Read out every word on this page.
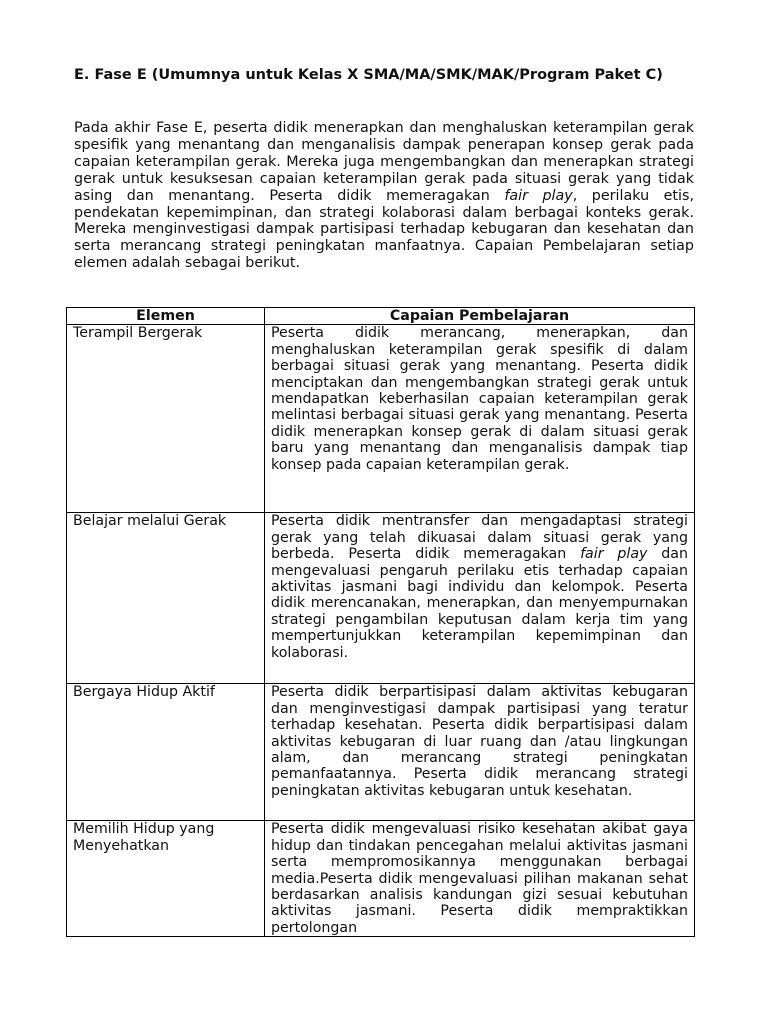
E. Fase E (Umumnya untuk Kelas X SMA/MA/SMK/MAK/Program Paket C)

Pada akhir Fase E, peserta didik menerapkan dan menghaluskan keterampilan gerak spesifik yang menantang dan menganalisis dampak penerapan konsep gerak pada capaian keterampilan gerak. Mereka juga mengembangkan dan menerapkan strategi gerak untuk kesuksesan capaian keterampilan gerak pada situasi gerak yang tidak asing dan menantang. Peserta didik memeragakan fair play, perilaku etis, pendekatan kepemimpinan, dan strategi kolaborasi dalam berbagai konteks gerak. Mereka menginvestigasi dampak partisipasi terhadap kebugaran dan kesehatan dan serta merancang strategi peningkatan manfaatnya. Capaian Pembelajaran setiap elemen adalah sebagai berikut.

Elemen	Capaian Pembelajaran
Terampil Bergerak	Peserta didik merancang, menerapkan, dan menghaluskan keterampilan gerak spesifik di dalam berbagai situasi gerak yang menantang. Peserta didik menciptakan dan mengembangkan strategi gerak untuk mendapatkan keberhasilan capaian keterampilan gerak melintasi berbagai situasi gerak yang menantang. Peserta didik menerapkan konsep gerak di dalam situasi gerak baru yang menantang dan menganalisis dampak tiap konsep pada capaian keterampilan gerak.
Belajar melalui Gerak	Peserta didik mentransfer dan mengadaptasi strategi gerak yang telah dikuasai dalam situasi gerak yang berbeda. Peserta didik memeragakan fair play dan mengevaluasi pengaruh perilaku etis terhadap capaian aktivitas jasmani bagi individu dan kelompok. Peserta didik merencanakan, menerapkan, dan menyempurnakan strategi pengambilan keputusan dalam kerja tim yang mempertunjukkan keterampilan kepemimpinan dan kolaborasi.
Bergaya Hidup Aktif	Peserta didik berpartisipasi dalam aktivitas kebugaran dan menginvestigasi dampak partisipasi yang teratur terhadap kesehatan. Peserta didik berpartisipasi dalam aktivitas kebugaran di luar ruang dan /atau lingkungan alam, dan merancang strategi peningkatan pemanfaatannya. Peserta didik merancang strategi peningkatan aktivitas kebugaran untuk kesehatan.
Memilih Hidup yang Menyehatkan	Peserta didik mengevaluasi risiko kesehatan akibat gaya hidup dan tindakan pencegahan melalui aktivitas jasmani serta mempromosikannya menggunakan berbagai media.Peserta didik mengevaluasi pilihan makanan sehat berdasarkan analisis kandungan gizi sesuai kebutuhan aktivitas jasmani. Peserta didik mempraktikkan pertolongan
